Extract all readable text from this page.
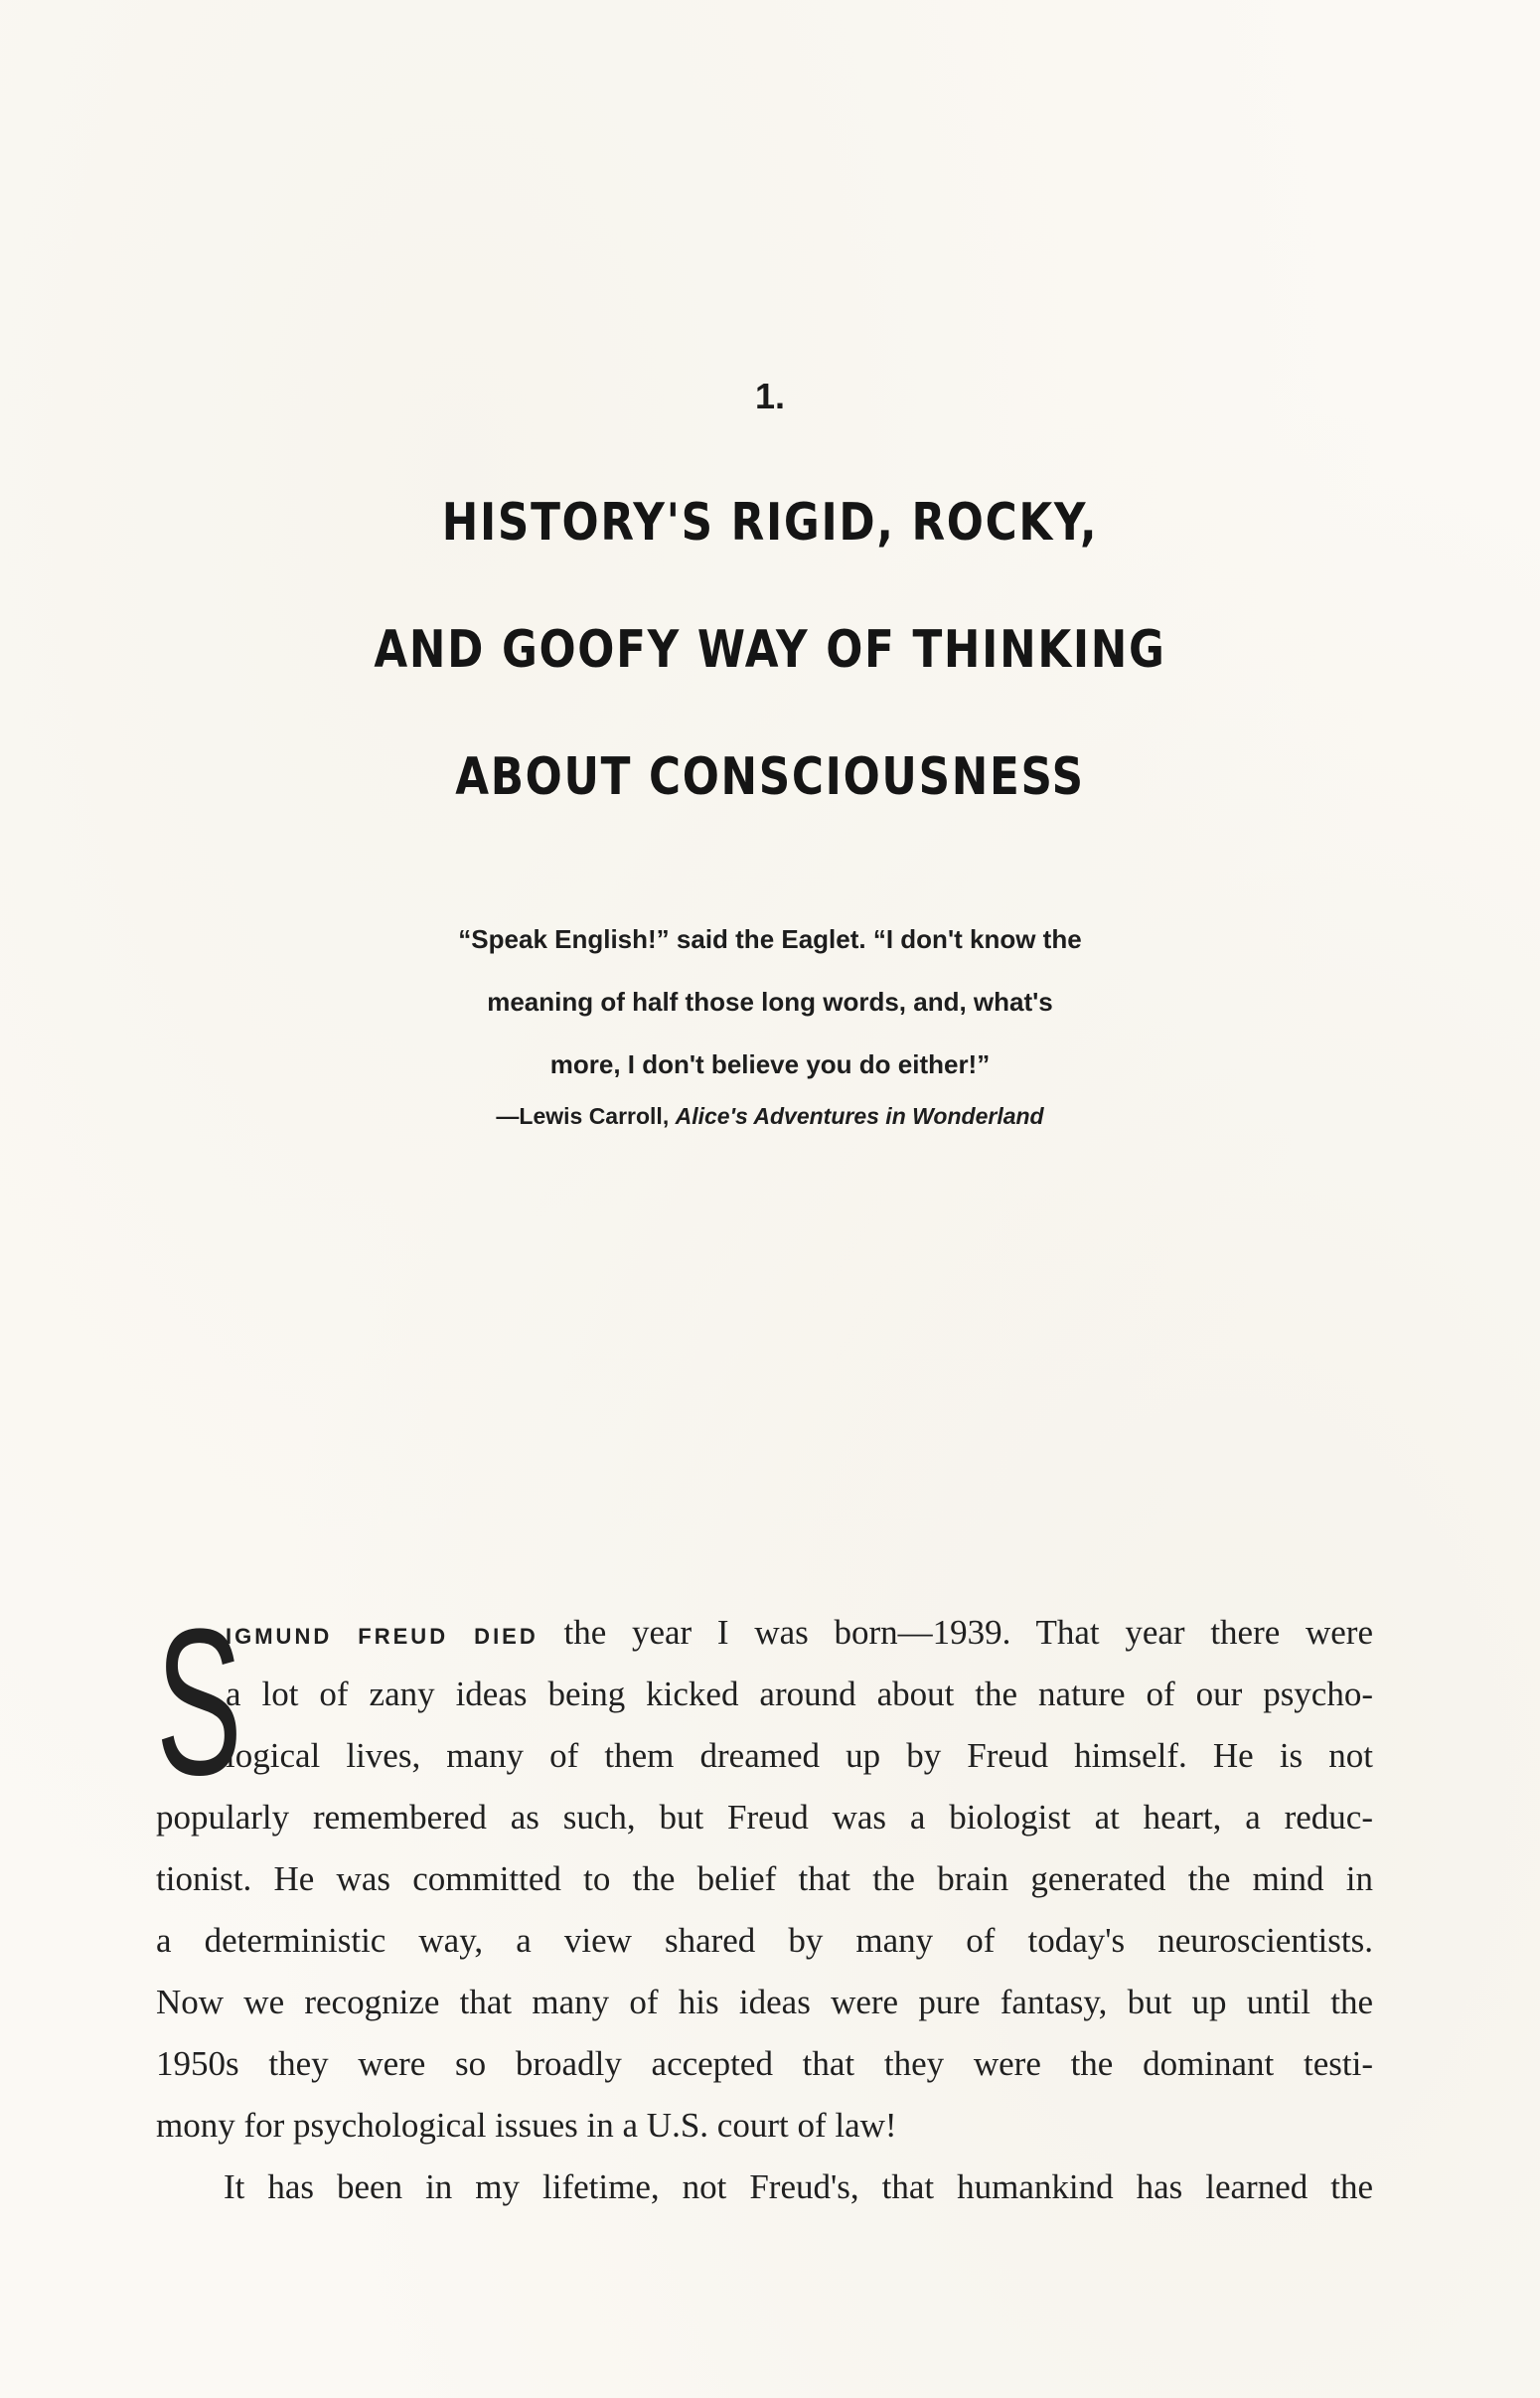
1.
HISTORY'S RIGID, ROCKY,
AND GOOFY WAY OF THINKING
ABOUT CONSCIOUSNESS
“Speak English!” said the Eaglet. “I don't know the
meaning of half those long words, and, what's
more, I don't believe you do either!”
—Lewis Carroll, Alice's Adventures in Wonderland
S
IGMUND FREUD DIED the year I was born—1939. That year there were
a lot of zany ideas being kicked around about the nature of our psycho-
logical lives, many of them dreamed up by Freud himself. He is not
popularly remembered as such, but Freud was a biologist at heart, a reduc-
tionist. He was committed to the belief that the brain generated the mind in
a deterministic way, a view shared by many of today's neuroscientists.
Now we recognize that many of his ideas were pure fantasy, but up until the
1950s they were so broadly accepted that they were the dominant testi-
mony for psychological issues in a U.S. court of law!
It has been in my lifetime, not Freud's, that humankind has learned the
